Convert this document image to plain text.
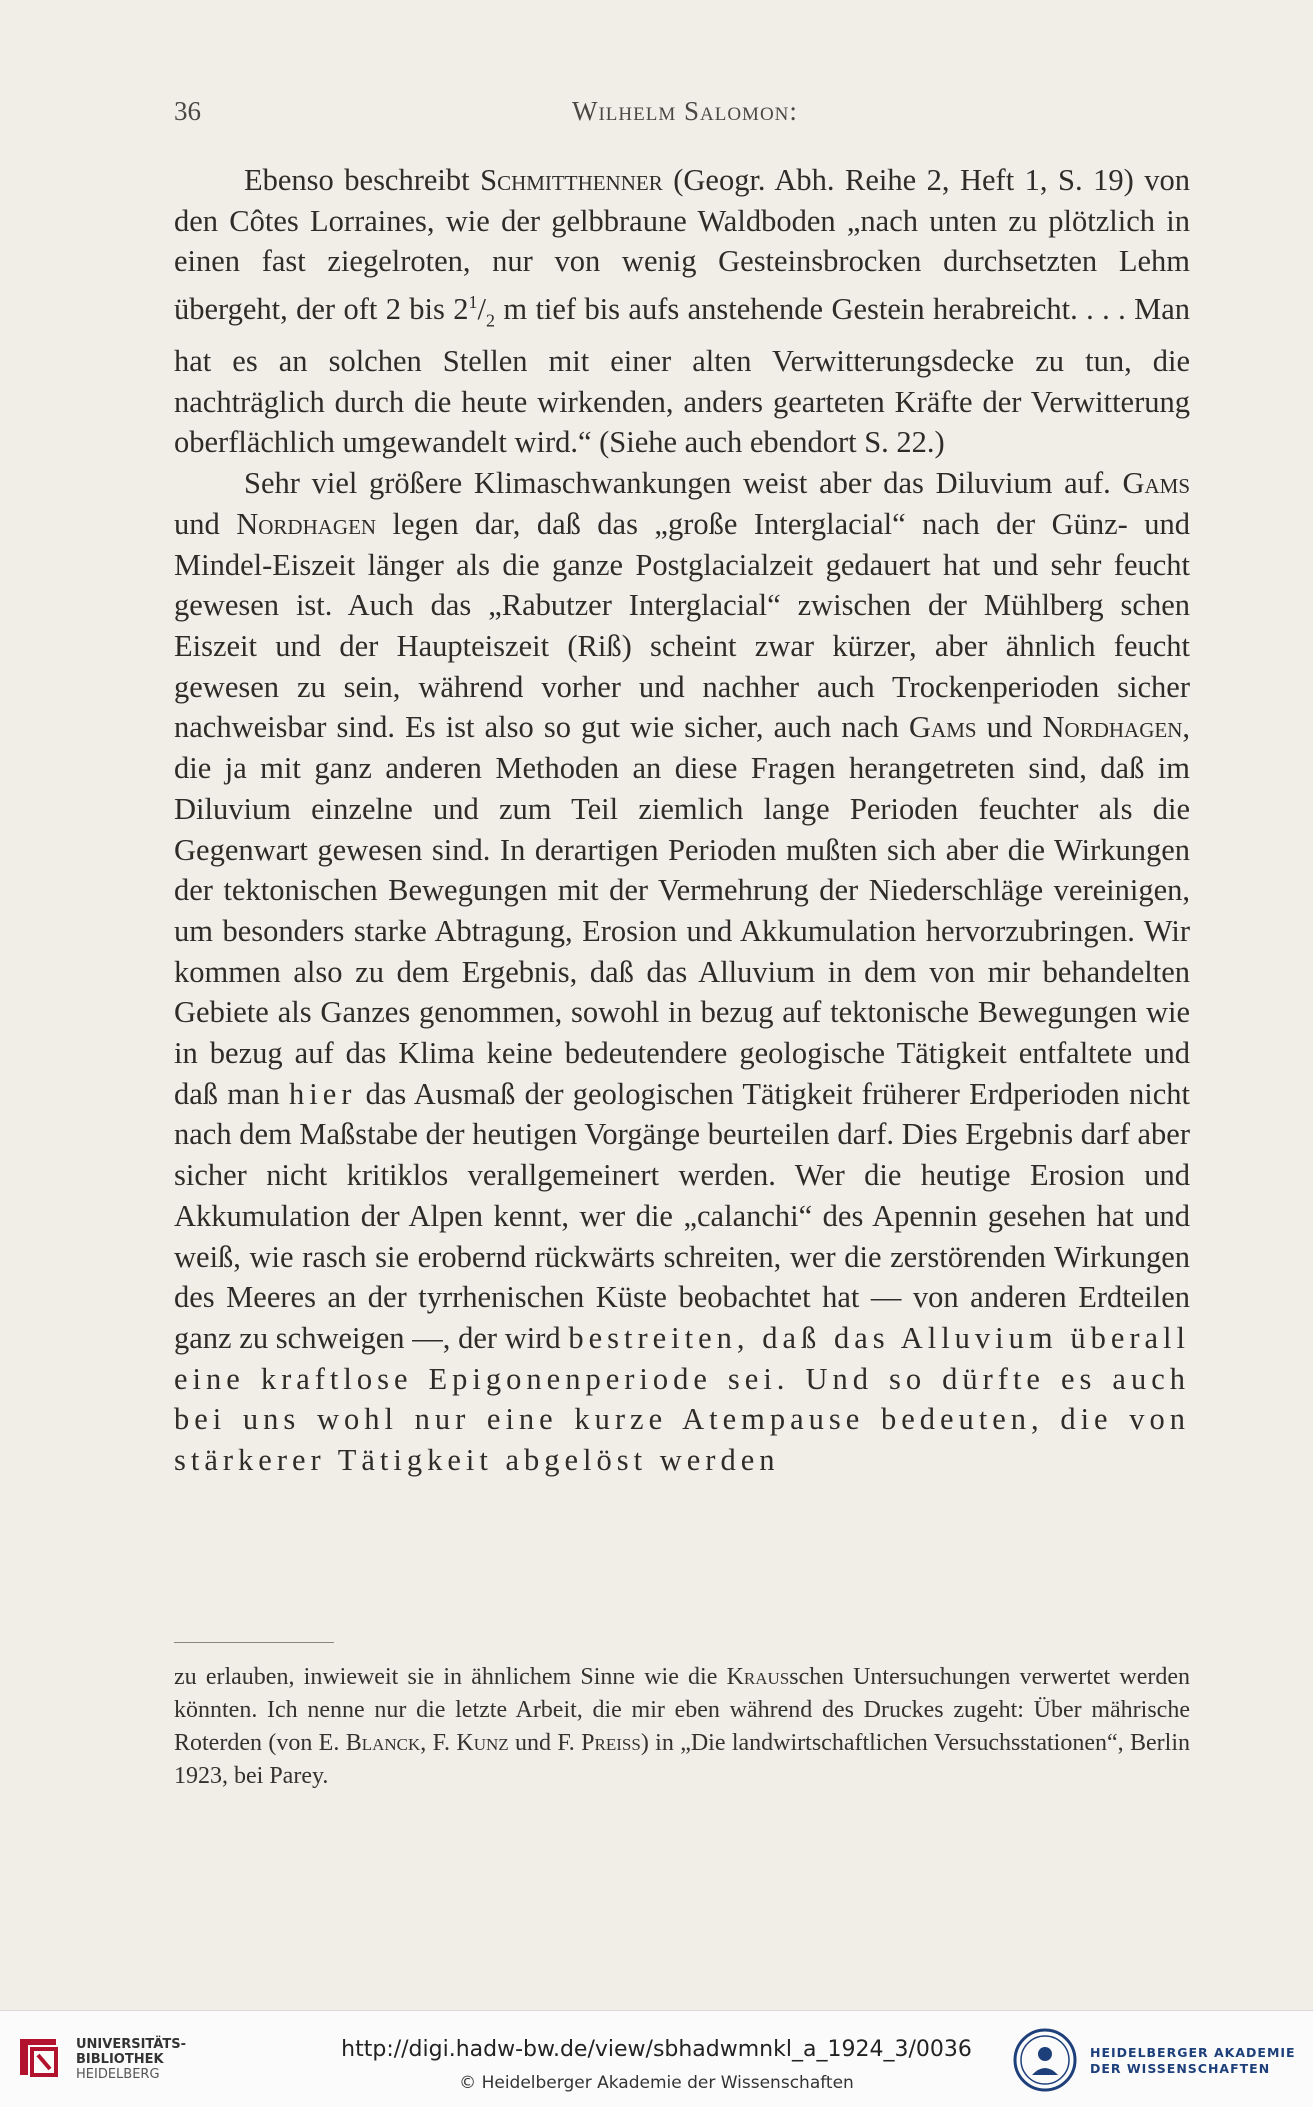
36	Wilhelm Salomon:

Ebenso beschreibt Schmitthenner (Geogr. Abh. Reihe 2, Heft 1, S. 19) von den Côtes Lorraines, wie der gelbbraune Waldboden „nach unten zu plötzlich in einen fast ziegelroten, nur von wenig Gesteinsbrocken durchsetzten Lehm übergeht, der oft 2 bis $2^1/_2$ m tief bis aufs anstehende Gestein herabreicht. . . . Man hat es an solchen Stellen mit einer alten Verwitterungsdecke zu tun, die nachträglich durch die heute wirkenden, anders gearteten Kräfte der Verwitterung oberflächlich umgewandelt wird.“ (Siehe auch ebendort S. 22.)

Sehr viel größere Klimaschwankungen weist aber das Diluvium auf. Gams und Nordhagen legen dar, daß das „große Interglacial“ nach der Günz- und Mindel-Eiszeit länger als die ganze Postglacialzeit gedauert hat und sehr feucht gewesen ist. Auch das „Rabutzer Interglacial“ zwischen der Mühlberg schen Eiszeit und der Haupteiszeit (Riß) scheint zwar kürzer, aber ähnlich feucht gewesen zu sein, während vorher und nachher auch Trockenperioden sicher nachweisbar sind. Es ist also so gut wie sicher, auch nach Gams und Nordhagen, die ja mit ganz anderen Methoden an diese Fragen herangetreten sind, daß im Diluvium einzelne und zum Teil ziemlich lange Perioden feuchter als die Gegenwart gewesen sind. In derartigen Perioden mußten sich aber die Wirkungen der tektonischen Bewegungen mit der Vermehrung der Niederschläge vereinigen, um besonders starke Abtragung, Erosion und Akkumulation hervorzubringen. Wir kommen also zu dem Ergebnis, daß das Alluvium in dem von mir behandelten Gebiete als Ganzes genommen, sowohl in bezug auf tektonische Bewegungen wie in bezug auf das Klima keine bedeutendere geologische Tätigkeit entfaltete und daß man hier das Ausmaß der geologischen Tätigkeit früherer Erdperioden nicht nach dem Maßstabe der heutigen Vorgänge beurteilen darf. Dies Ergebnis darf aber sicher nicht kritiklos verallgemeinert werden. Wer die heutige Erosion und Akkumulation der Alpen kennt, wer die „calanchi“ des Apennin gesehen hat und weiß, wie rasch sie erobernd rückwärts schreiten, wer die zerstörenden Wirkungen des Meeres an der tyrrhenischen Küste beobachtet hat — von anderen Erdteilen ganz zu schweigen —, der wird bestreiten, daß das Alluvium überall eine kraftlose Epigonenperiode sei. Und so dürfte es auch bei uns wohl nur eine kurze Atempause bedeuten, die von stärkerer Tätigkeit abgelöst werden

zu erlauben, inwieweit sie in ähnlichem Sinne wie die Krausschen Untersuchungen verwertet werden könnten. Ich nenne nur die letzte Arbeit, die mir eben während des Druckes zugeht: Über mährische Roterden (von E. Blanck, F. Kunz und F. Preiss) in „Die landwirtschaftlichen Versuchsstationen“, Berlin 1923, bei Parey.
UNIVERSITÄTS-
BIBLIOTHEK
HEIDELBERG
http://digi.hadw-bw.de/view/sbhadwmnkl_a_1924_3/0036
© Heidelberger Akademie der Wissenschaften
HEIDELBERGER AKADEMIE
DER WISSENSCHAFTEN
